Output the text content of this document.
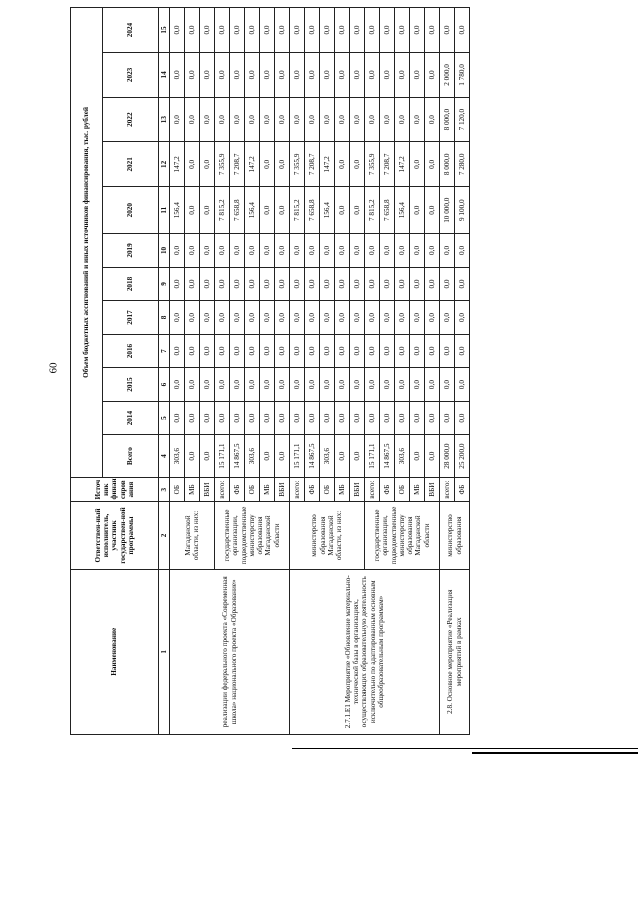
60
Наименование	Ответствен-ный исполнитель, участник государствен-ной программы	Источ ник финан сиров ания	Объем бюджетных ассигнований и иных источников финансирования, тыс. рублей											
			Всего	2014	2015	2016	2017	2018	2019	2020	2021	2022	2023	2024
1	2	3	4	5	6	7	8	9	10	11	12	13	14	15
реализации федерального проекта «Современная школа» национального проекта «Образование»	Магаданской области, из них:	ОБ	303,6	0,0	0,0	0,0	0,0	0,0	0,0	156,4	147,2	0,0	0,0	0,0
		МБ	0,0	0,0	0,0	0,0	0,0	0,0	0,0	0,0	0,0	0,0	0,0	0,0
		ВБИ	0,0	0,0	0,0	0,0	0,0	0,0	0,0	0,0	0,0	0,0	0,0	0,0
	государственные организации, подведомственные министерству образования Магаданской области	всего:	15 171,1	0,0	0,0	0,0	0,0	0,0	0,0	7 815,2	7 355,9	0,0	0,0	0,0
		ФБ	14 867,5	0,0	0,0	0,0	0,0	0,0	0,0	7 658,8	7 208,7	0,0	0,0	0,0
		ОБ	303,6	0,0	0,0	0,0	0,0	0,0	0,0	156,4	147,2	0,0	0,0	0,0
		МБ	0,0	0,0	0,0	0,0	0,0	0,0	0,0	0,0	0,0	0,0	0,0	0,0
		ВБИ	0,0	0,0	0,0	0,0	0,0	0,0	0,0	0,0	0,0	0,0	0,0	0,0
2.7.1.Е1 Мероприятие «Обновление материально-технической базы в организациях, осуществляющих образовательную деятельность исключительно по адаптированным основным общеобразовательным программам»	министерство образования Магаданской области, из них:	всего:	15 171,1	0,0	0,0	0,0	0,0	0,0	0,0	7 815,2	7 355,9	0,0	0,0	0,0
		ФБ	14 867,5	0,0	0,0	0,0	0,0	0,0	0,0	7 658,8	7 208,7	0,0	0,0	0,0
		ОБ	303,6	0,0	0,0	0,0	0,0	0,0	0,0	156,4	147,2	0,0	0,0	0,0
		МБ	0,0	0,0	0,0	0,0	0,0	0,0	0,0	0,0	0,0	0,0	0,0	0,0
		ВБИ	0,0	0,0	0,0	0,0	0,0	0,0	0,0	0,0	0,0	0,0	0,0	0,0
	государственные организации, подведомственные министерству образования Магаданской области	всего:	15 171,1	0,0	0,0	0,0	0,0	0,0	0,0	7 815,2	7 355,9	0,0	0,0	0,0
		ФБ	14 867,5	0,0	0,0	0,0	0,0	0,0	0,0	7 658,8	7 208,7	0,0	0,0	0,0
		ОБ	303,6	0,0	0,0	0,0	0,0	0,0	0,0	156,4	147,2	0,0	0,0	0,0
		МБ	0,0	0,0	0,0	0,0	0,0	0,0	0,0	0,0	0,0	0,0	0,0	0,0
		ВБИ	0,0	0,0	0,0	0,0	0,0	0,0	0,0	0,0	0,0	0,0	0,0	0,0
2.8. Основное мероприятие «Реализация мероприятий в рамках	министерство образования	всего:	28 000,0	0,0	0,0	0,0	0,0	0,0	0,0	10 000,0	8 000,0	8 000,0	2 000,0	0,0
		ФБ	25 200,0	0,0	0,0	0,0	0,0	0,0	0,0	9 100,0	7 280,0	7 120,0	1 780,0	0,0
